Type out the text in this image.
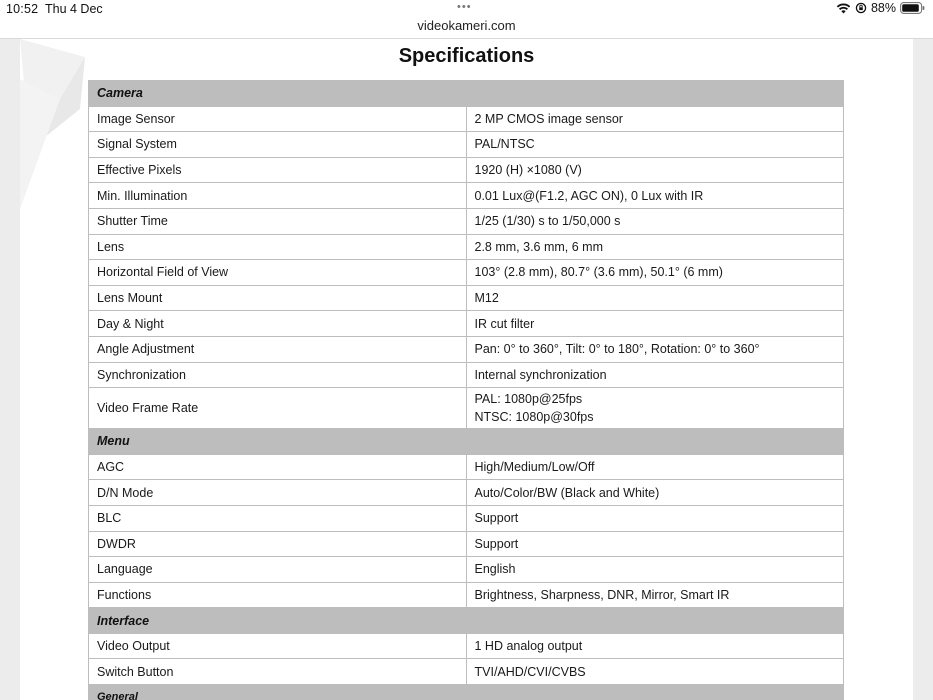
10:52 Thu 4 Dec	•••	88%
videokameri.com
Specifications
Camera	
Image Sensor	2 MP CMOS image sensor

Signal System	PAL/NTSC

Effective Pixels	1920 (H) ×1080 (V)

Min. Illumination	0.01 Lux@(F1.2, AGC ON), 0 Lux with IR

Shutter Time	1/25 (1/30) s to 1/50,000 s

Lens	2.8 mm, 3.6 mm, 6 mm

Horizontal Field of View	103° (2.8 mm), 80.7° (3.6 mm), 50.1° (6 mm)

Lens Mount	M12

Day & Night	IR cut filter

Angle Adjustment	Pan: 0° to 360°, Tilt: 0° to 180°, Rotation: 0° to 360°

Synchronization	Internal synchronization

Video Frame Rate	PAL: 1080p@25fps
NTSC: 1080p@30fps

Menu	
AGC	High/Medium/Low/Off

D/N Mode	Auto/Color/BW (Black and White)

BLC	Support

DWDR	Support

Language	English

Functions	Brightness, Sharpness, DNR, Mirror, Smart IR

Interface	
Video Output	1 HD analog output

Switch Button	TVI/AHD/CVI/CVBS

General	
